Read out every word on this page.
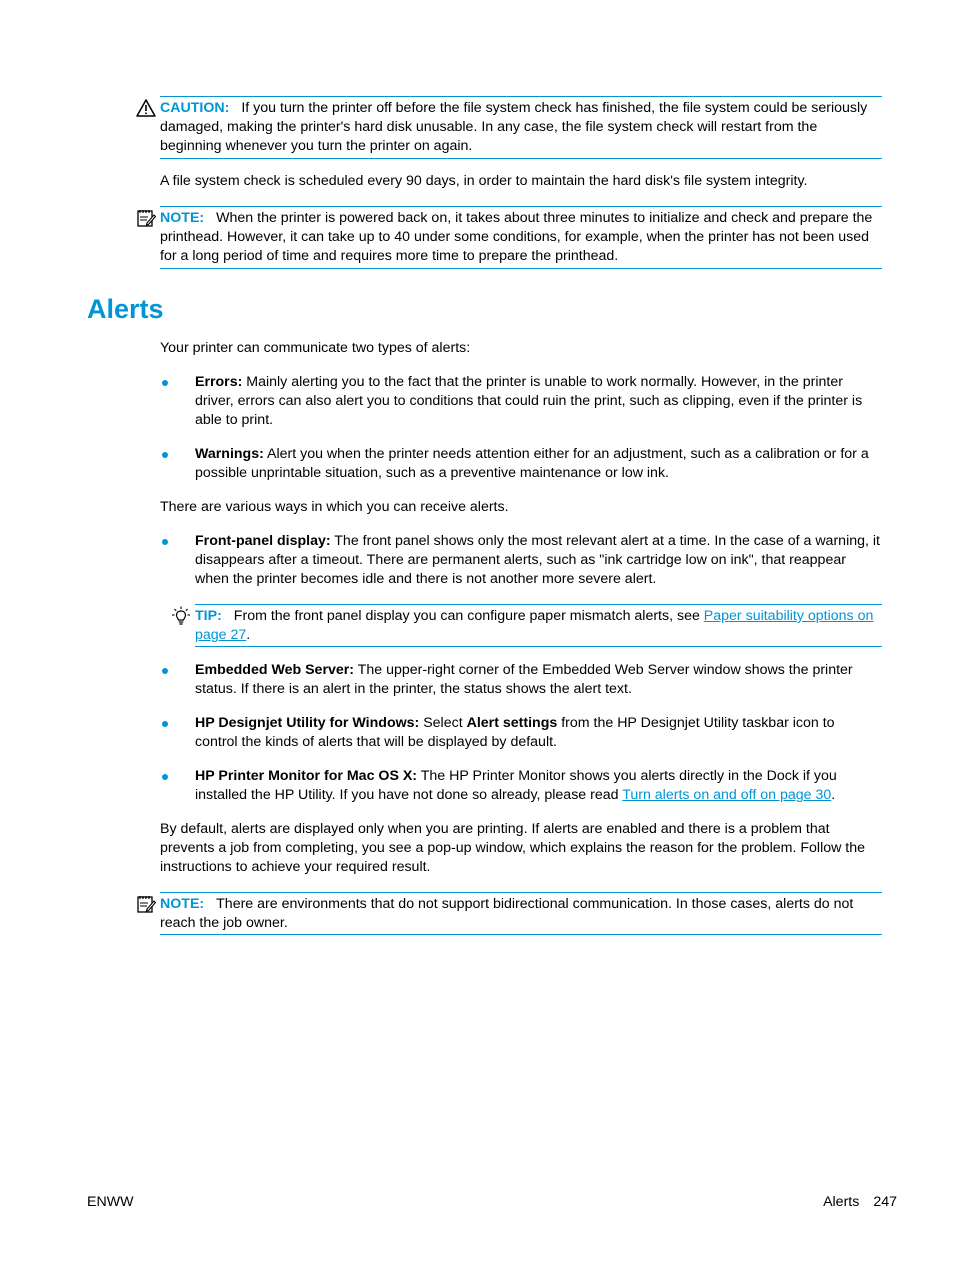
CAUTION: If you turn the printer off before the file system check has finished, the file system could be seriously damaged, making the printer's hard disk unusable. In any case, the file system check will restart from the beginning whenever you turn the printer on again.
A file system check is scheduled every 90 days, in order to maintain the hard disk's file system integrity.
NOTE: When the printer is powered back on, it takes about three minutes to initialize and check and prepare the printhead. However, it can take up to 40 under some conditions, for example, when the printer has not been used for a long period of time and requires more time to prepare the printhead.
Alerts
Your printer can communicate two types of alerts:
Errors: Mainly alerting you to the fact that the printer is unable to work normally. However, in the printer driver, errors can also alert you to conditions that could ruin the print, such as clipping, even if the printer is able to print.
Warnings: Alert you when the printer needs attention either for an adjustment, such as a calibration or for a possible unprintable situation, such as a preventive maintenance or low ink.
There are various ways in which you can receive alerts.
Front-panel display: The front panel shows only the most relevant alert at a time. In the case of a warning, it disappears after a timeout. There are permanent alerts, such as "ink cartridge low on ink", that reappear when the printer becomes idle and there is not another more severe alert.
TIP: From the front panel display you can configure paper mismatch alerts, see Paper suitability options on page 27.
Embedded Web Server: The upper-right corner of the Embedded Web Server window shows the printer status. If there is an alert in the printer, the status shows the alert text.
HP Designjet Utility for Windows: Select Alert settings from the HP Designjet Utility taskbar icon to control the kinds of alerts that will be displayed by default.
HP Printer Monitor for Mac OS X: The HP Printer Monitor shows you alerts directly in the Dock if you installed the HP Utility. If you have not done so already, please read Turn alerts on and off on page 30.
By default, alerts are displayed only when you are printing. If alerts are enabled and there is a problem that prevents a job from completing, you see a pop-up window, which explains the reason for the problem. Follow the instructions to achieve your required result.
NOTE: There are environments that do not support bidirectional communication. In those cases, alerts do not reach the job owner.
ENWW	Alerts 247
